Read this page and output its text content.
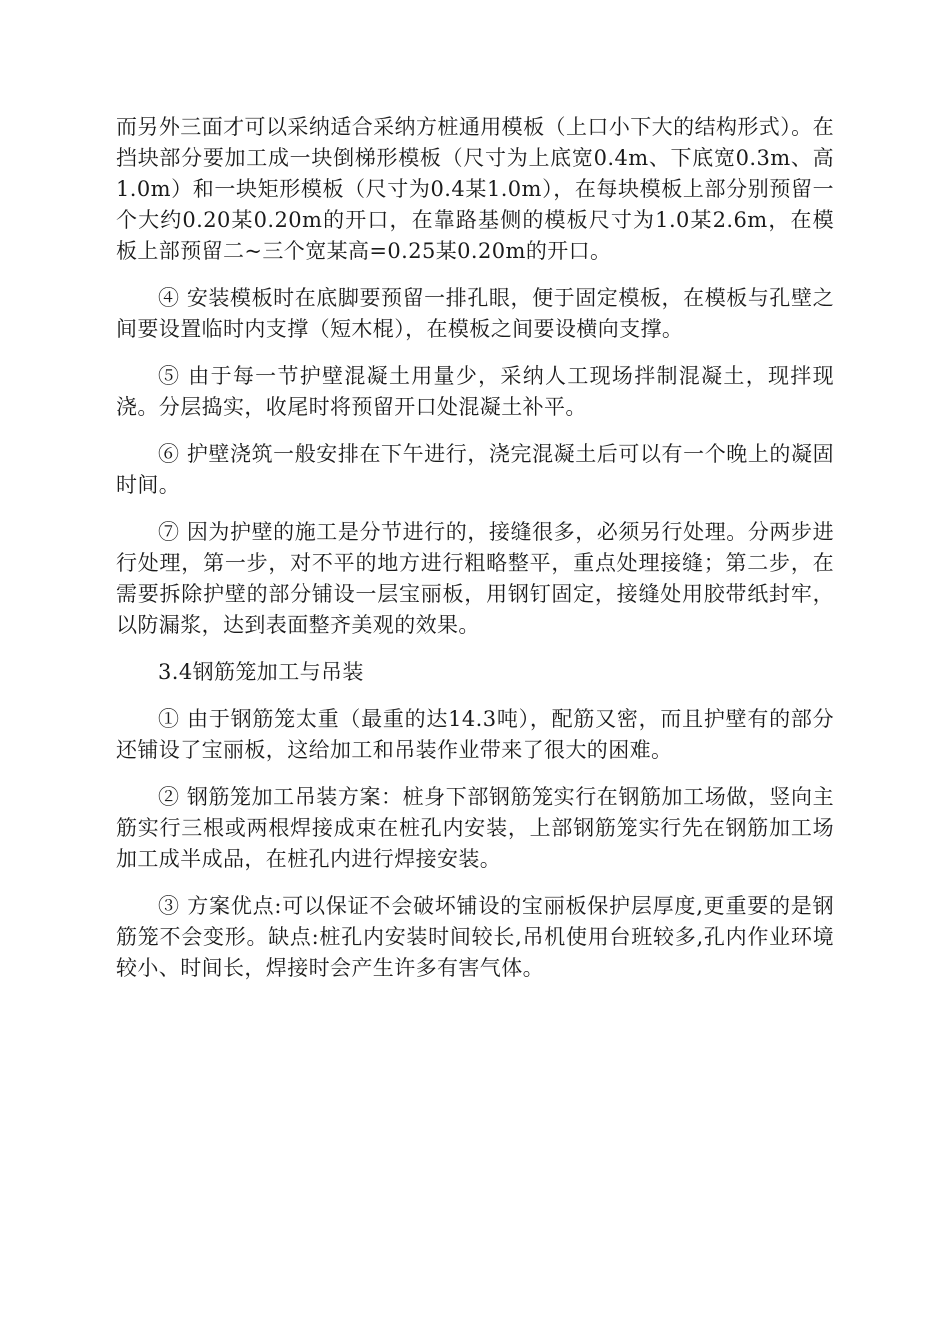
而另外三面才可以采纳适合采纳方桩通用模板（上口小下大的结构形式）。在挡块部分要加工成一块倒梯形模板（尺寸为上底宽0.4m、下底宽0.3m、高1.0m）和一块矩形模板（尺寸为0.4某1.0m），在每块模板上部分别预留一个大约0.20某0.20m的开口，在靠路基侧的模板尺寸为1.0某2.6m，在模板上部预留二~三个宽某高=0.25某0.20m的开口。

④ 安装模板时在底脚要预留一排孔眼，便于固定模板，在模板与孔壁之间要设置临时内支撑（短木棍），在模板之间要设横向支撑。

⑤ 由于每一节护壁混凝土用量少，采纳人工现场拌制混凝土，现拌现浇。分层捣实，收尾时将预留开口处混凝土补平。

⑥ 护壁浇筑一般安排在下午进行，浇完混凝土后可以有一个晚上的凝固时间。

⑦ 因为护壁的施工是分节进行的，接缝很多，必须另行处理。分两步进行处理，第一步，对不平的地方进行粗略整平，重点处理接缝；第二步，在需要拆除护壁的部分铺设一层宝丽板，用钢钉固定，接缝处用胶带纸封牢，以防漏浆，达到表面整齐美观的效果。

3.4钢筋笼加工与吊装

① 由于钢筋笼太重（最重的达14.3吨），配筋又密，而且护壁有的部分还铺设了宝丽板，这给加工和吊装作业带来了很大的困难。

② 钢筋笼加工吊装方案：桩身下部钢筋笼实行在钢筋加工场做，竖向主筋实行三根或两根焊接成束在桩孔内安装，上部钢筋笼实行先在钢筋加工场加工成半成品，在桩孔内进行焊接安装。

③ 方案优点:可以保证不会破坏铺设的宝丽板保护层厚度,更重要的是钢筋笼不会变形。缺点:桩孔内安装时间较长,吊机使用台班较多,孔内作业环境较小、时间长，焊接时会产生许多有害气体。
